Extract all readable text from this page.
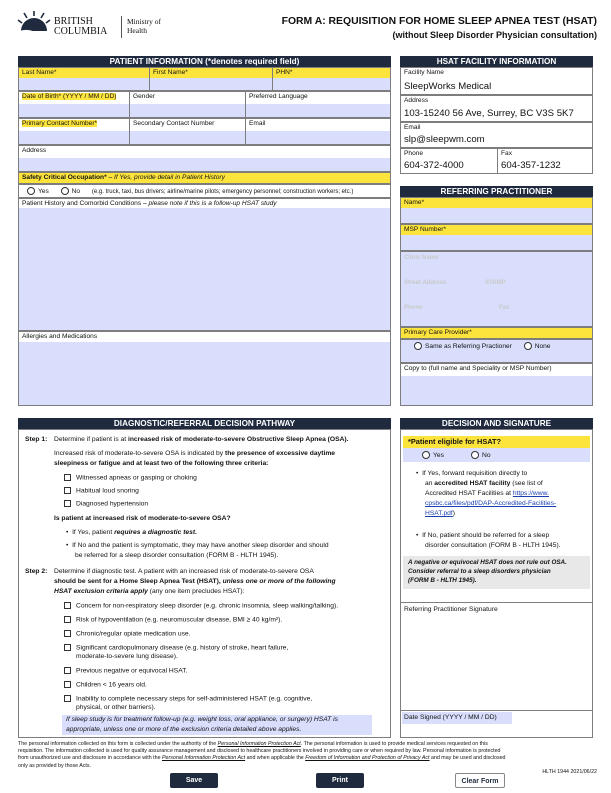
BRITISH
COLUMBIA
Ministry of
Health
FORM A: REQUISITION FOR HOME SLEEP APNEA TEST (HSAT)
(without Sleep Disorder Physician consultation)
PATIENT INFORMATION (*denotes required field)
Last Name*	First Name*	PHN*
Date of Birth* (YYYY / MM / DD)	Gender	Preferred Language
Primary Contact Number*	Secondary Contact Number	Email
Address
Safety Critical Occupation* – If Yes, provide detail in Patient History
Yes	No (e.g. truck, taxi, bus drivers; airline/marine pilots; emergency personnel; construction workers; etc.)
Patient History and Comorbid Conditions – please note if this is a follow-up HSAT study
Allergies and Medications
HSAT FACILITY INFORMATION
Facility Name
SleepWorks Medical
Address
103-15240 56 Ave, Surrey, BC V3S 5K7
Email
slp@sleepwm.com
Phone
604-372-4000
Fax
604-357-1232
REFERRING PRACTITIONER
Name*
MSP Number*
Clinic Name
Street Address	STAMP
Phone	Fax
Primary Care Provider*
Same as Referring Practioner	None
Copy to (full name and Speciality or MSP Number)
DIAGNOSTIC/REFERRAL DECISION PATHWAY
Step 1: Determine if patient is at increased risk of moderate-to-severe Obstructive Sleep Apnea (OSA).
Increased risk of moderate-to-severe OSA is indicated by the presence of excessive daytime
sleepiness or fatigue and at least two of the following three criteria:
Witnessed apneas or gasping or choking
Habitual loud snoring
Diagnosed hypertension
Is patient at increased risk of moderate-to-severe OSA?
•  If Yes, patient requires a diagnostic test.
•  If No and the patient is symptomatic, they may have another sleep disorder and should
be referred for a sleep disorder consultation (FORM B - HLTH 1945).
Step 2: Determine if diagnostic test. A patient with an increased risk of moderate-to-severe OSA
should be sent for a Home Sleep Apnea Test (HSAT), unless one or more of the following
HSAT exclusion criteria apply (any one item precludes HSAT):
Concern for non-respiratory sleep disorder (e.g. chronic insomnia, sleep walking/talking).
Risk of hypoventilation (e.g. neuromuscular disease, BMI ≥ 40 kg/m²).
Chronic/regular opiate medication use.
Significant cardiopulmonary disease (e.g. history of stroke, heart failure,
moderate-to-severe lung disease).
Previous negative or equivocal HSAT.
Children < 16 years old.
Inability to complete necessary steps for self-administered HSAT (e.g. cognitive,
physical, or other barriers).
If sleep study is for treatment follow-up (e.g. weight loss, oral appliance, or surgery) HSAT is
appropriate, unless one or more of the exclusion criteria detailed above applies.
DECISION AND SIGNATURE
*Patient eligible for HSAT?
Yes	No
•  If Yes, forward requisition directly to
an accredited HSAT facility (see list of
Accredited HSAT Facilities at https://www.
cpsbc.ca/files/pdf/DAP-Accredited-Facilities-
HSAT.pdf)
•  If No, patient should be referred for a sleep
disorder consultation (FORM B - HLTH 1945).
A negative or equivocal HSAT does not rule out OSA.
Consider referral to a sleep disorders physician
(FORM B - HLTH 1945).
Referring Practitioner Signature
Date Signed (YYYY / MM / DD)
The personal information collected on this form is collected under the authority of the Personal Information Protection Act. The personal information is used to provide medical services requested on this
requisition. The information collected is used for quality assurance management and disclosed to healthcare practitioners involved in providing care or when required by law. Personal information is protected
from unauthorized use and disclosure in accordance with the Personal Information Protection Act and when applicable the Freedom of Information and Protection of Privacy Act and may be used and disclosed
only as provided by those Acts.
HLTH 1944 2021/06/22
Save	Print	Clear Form
